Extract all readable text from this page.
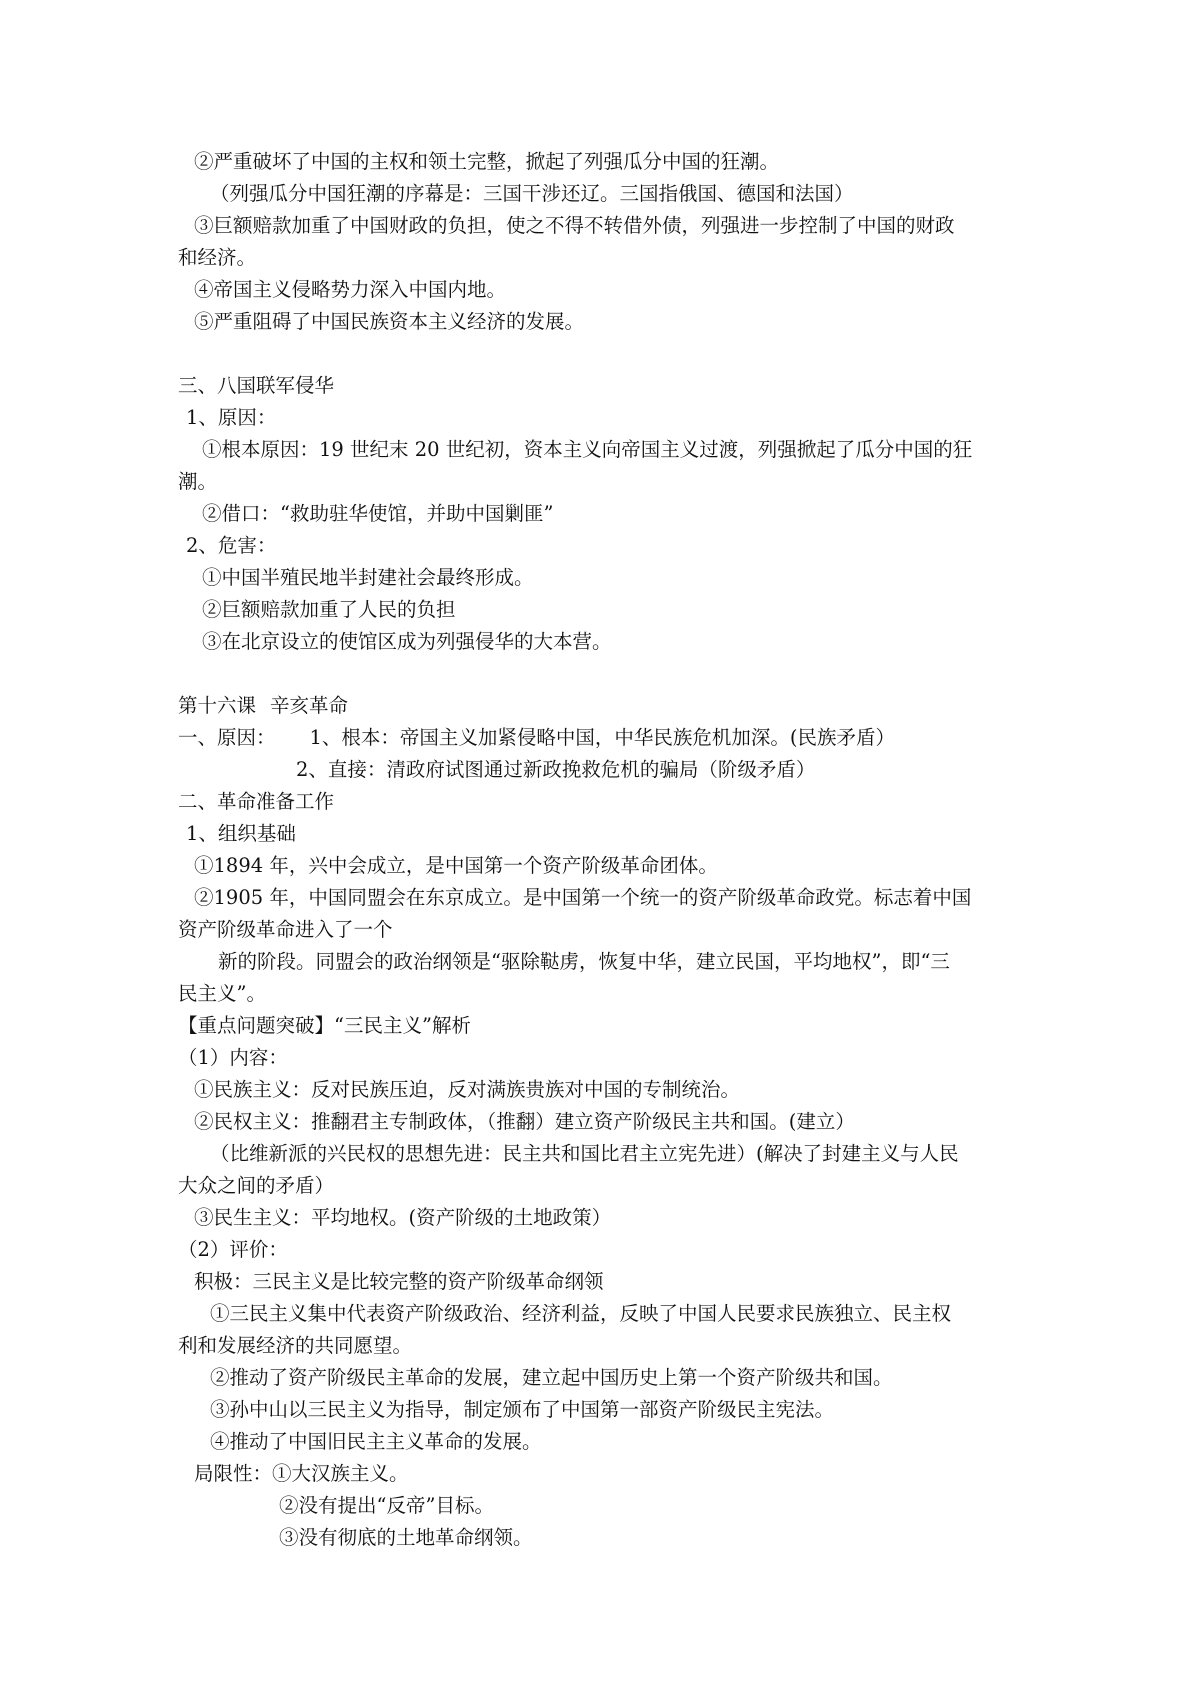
②严重破坏了中国的主权和领土完整，掀起了列强瓜分中国的狂潮。

（列强瓜分中国狂潮的序幕是：三国干涉还辽。三国指俄国、德国和法国）

③巨额赔款加重了中国财政的负担，使之不得不转借外债，列强进一步控制了中国的财政

和经济。

④帝国主义侵略势力深入中国内地。

⑤严重阻碍了中国民族资本主义经济的发展。

三、八国联军侵华

1、原因：

①根本原因：19 世纪末 20 世纪初，资本主义向帝国主义过渡，列强掀起了瓜分中国的狂

潮。

②借口：“救助驻华使馆，并助中国剿匪”

2、危害：

①中国半殖民地半封建社会最终形成。

②巨额赔款加重了人民的负担

③在北京设立的使馆区成为列强侵华的大本营。

第十六课 辛亥革命

一、原因： 1、根本：帝国主义加紧侵略中国，中华民族危机加深。(民族矛盾）

2、直接：清政府试图通过新政挽救危机的骗局（阶级矛盾）

二、革命准备工作

1、组织基础

①1894 年，兴中会成立，是中国第一个资产阶级革命团体。

②1905 年，中国同盟会在东京成立。是中国第一个统一的资产阶级革命政党。标志着中国

资产阶级革命进入了一个

新的阶段。同盟会的政治纲领是“驱除鞑虏，恢复中华，建立民国，平均地权”，即“三

民主义”。

【重点问题突破】“三民主义”解析

（1）内容：

①民族主义：反对民族压迫，反对满族贵族对中国的专制统治。

②民权主义：推翻君主专制政体，（推翻）建立资产阶级民主共和国。(建立）

（比维新派的兴民权的思想先进：民主共和国比君主立宪先进）(解决了封建主义与人民

大众之间的矛盾）

③民生主义：平均地权。(资产阶级的土地政策）

（2）评价：

积极：三民主义是比较完整的资产阶级革命纲领

①三民主义集中代表资产阶级政治、经济利益，反映了中国人民要求民族独立、民主权

利和发展经济的共同愿望。

②推动了资产阶级民主革命的发展，建立起中国历史上第一个资产阶级共和国。

③孙中山以三民主义为指导，制定颁布了中国第一部资产阶级民主宪法。

④推动了中国旧民主主义革命的发展。

局限性：①大汉族主义。

②没有提出“反帝”目标。

③没有彻底的土地革命纲领。
